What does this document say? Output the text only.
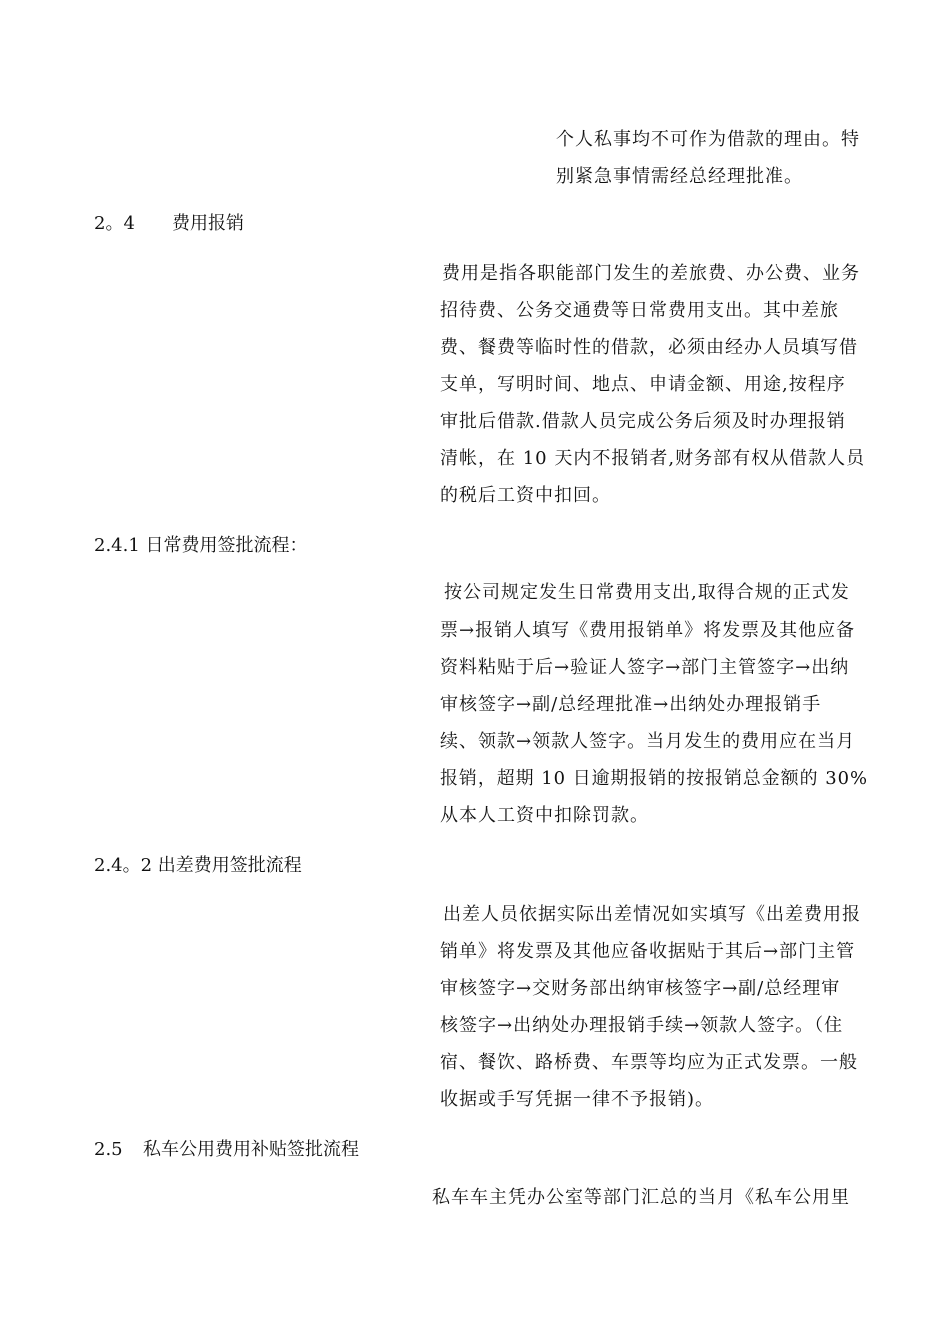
个人私事均不可作为借款的理由。特
别紧急事情需经总经理批准。
2。4 费用报销
费用是指各职能部门发生的差旅费、办公费、业务
招待费、公务交通费等日常费用支出。其中差旅
费、餐费等临时性的借款，必须由经办人员填写借
支单，写明时间、地点、申请金额、用途,按程序
审批后借款.借款人员完成公务后须及时办理报销
清帐，在 10 天内不报销者,财务部有权从借款人员
的税后工资中扣回。
2.4.1 日常费用签批流程：
按公司规定发生日常费用支出,取得合规的正式发
票→报销人填写《费用报销单》将发票及其他应备
资料粘贴于后→验证人签字→部门主管签字→出纳
审核签字→副/总经理批准→出纳处办理报销手
续、领款→领款人签字。当月发生的费用应在当月
报销，超期 10 日逾期报销的按报销总金额的 30%
从本人工资中扣除罚款。
2.4。2 出差费用签批流程
出差人员依据实际出差情况如实填写《出差费用报
销单》将发票及其他应备收据贴于其后→部门主管
审核签字→交财务部出纳审核签字→副/总经理审
核签字→出纳处办理报销手续→领款人签字。（住
宿、餐饮、路桥费、车票等均应为正式发票。一般
收据或手写凭据一律不予报销)。
2.5 私车公用费用补贴签批流程
私车车主凭办公室等部门汇总的当月《私车公用里
